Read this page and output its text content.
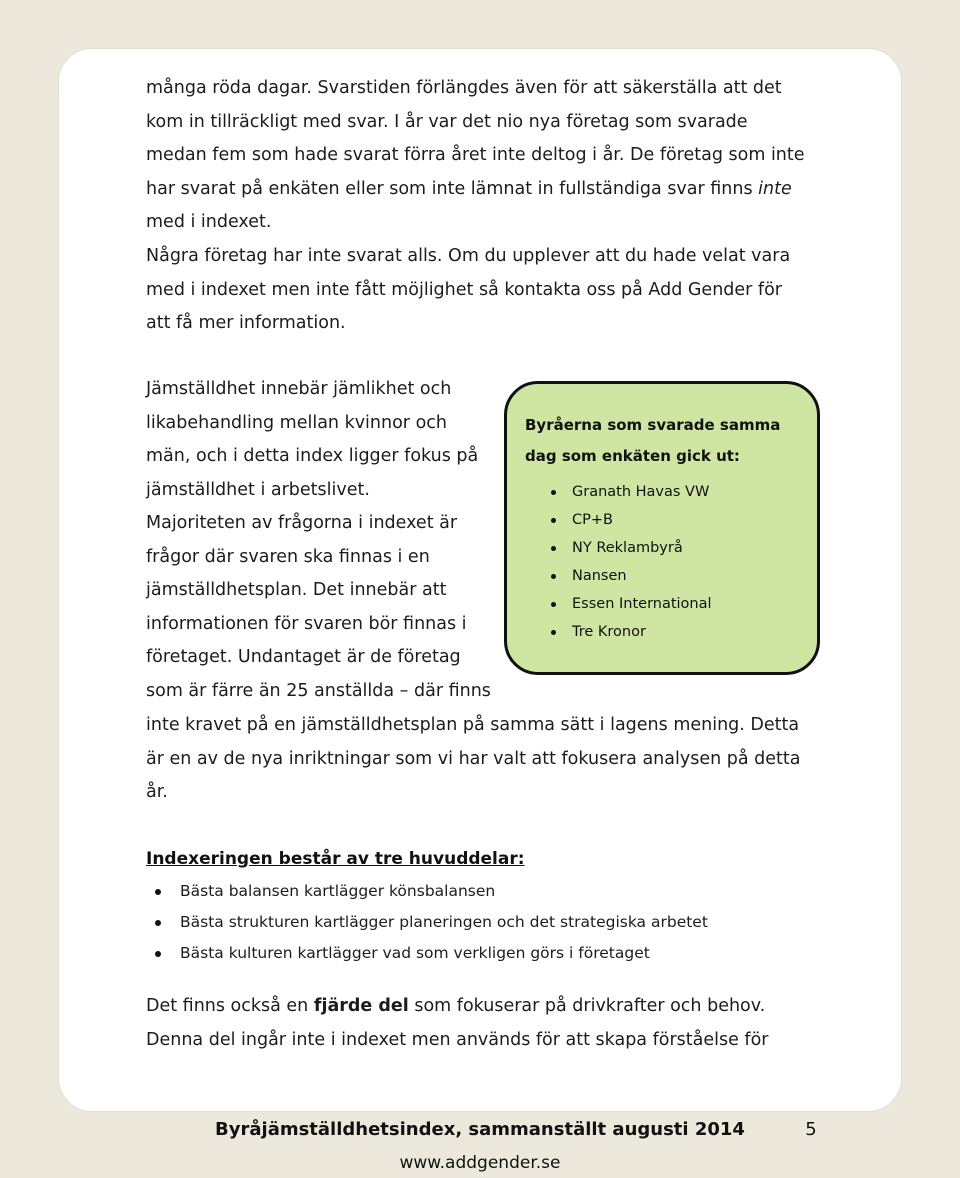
många röda dagar. Svarstiden förlängdes även för att säkerställa att det
kom in tillräckligt med svar. I år var det nio nya företag som svarade
medan fem som hade svarat förra året inte deltog i år. De företag som inte
har svarat på enkäten eller som inte lämnat in fullständiga svar finns inte
med i indexet.

Några företag har inte svarat alls. Om du upplever att du hade velat vara
med i indexet men inte fått möjlighet så kontakta oss på Add Gender för
att få mer information.

Jämställdhet innebär jämlikhet och
likabehandling mellan kvinnor och
män, och i detta index ligger fokus på
jämställdhet i arbetslivet.
Majoriteten av frågorna i indexet är
frågor där svaren ska finnas i en
jämställdhetsplan. Det innebär att
informationen för svaren bör finnas i
företaget. Undantaget är de företag
som är färre än 25 anställda – där finns

Byråerna som svarade samma
dag som enkäten gick ut:

Granath Havas VW
CP+B
NY Reklambyrå
Nansen
Essen International
Tre Kronor

inte kravet på en jämställdhetsplan på samma sätt i lagens mening. Detta
är en av de nya inriktningar som vi har valt att fokusera analysen på detta
år.

Indexeringen består av tre huvuddelar:

Bästa balansen kartlägger könsbalansen
Bästa strukturen kartlägger planeringen och det strategiska arbetet
Bästa kulturen kartlägger vad som verkligen görs i företaget

Det finns också en fjärde del som fokuserar på drivkrafter och behov.
Denna del ingår inte i indexet men används för att skapa förståelse för

Byråjämställdhetsindex, sammanställt augusti 2014	5
www.addgender.se
